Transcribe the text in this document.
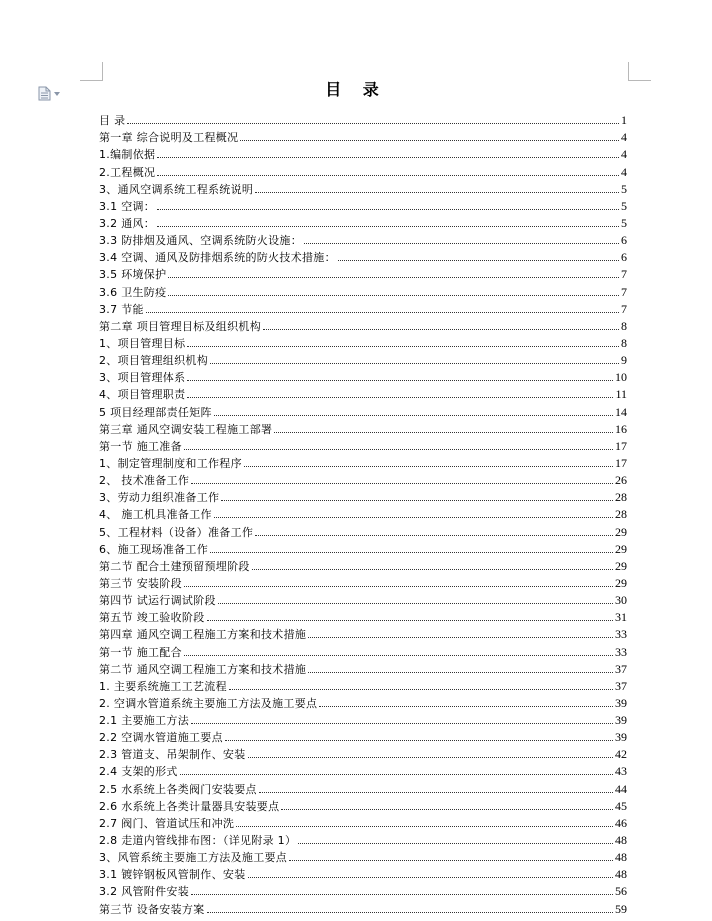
目 录
目 录	1
第一章 综合说明及工程概况	4
1.编制依据	4
2.工程概况	4
3、通风空调系统工程系统说明	5
3.1 空调：	5
3.2 通风：	5
3.3 防排烟及通风、空调系统防火设施：	6
3.4 空调、通风及防排烟系统的防火技术措施：	6
3.5 环境保护	7
3.6 卫生防疫	7
3.7 节能	7
第二章 项目管理目标及组织机构	8
1、项目管理目标	8
2、项目管理组织机构	9
3、项目管理体系	10
4、项目管理职责	11
5 项目经理部责任矩阵	14
第三章 通风空调安装工程施工部署	16
第一节 施工准备	17
1、制定管理制度和工作程序	17
2、 技术准备工作	26
3、劳动力组织准备工作	28
4、 施工机具准备工作	28
5、工程材料（设备）准备工作	29
6、施工现场准备工作	29
第二节 配合土建预留预埋阶段	29
第三节 安装阶段	29
第四节 试运行调试阶段	30
第五节 竣工验收阶段	31
第四章 通风空调工程施工方案和技术措施	33
第一节 施工配合	33
第二节 通风空调工程施工方案和技术措施	37
1. 主要系统施工工艺流程	37
2. 空调水管道系统主要施工方法及施工要点	39
2.1 主要施工方法	39
2.2 空调水管道施工要点	39
2.3 管道支、吊架制作、安装	42
2.4 支架的形式	43
2.5 水系统上各类阀门安装要点	44
2.6 水系统上各类计量器具安装要点	45
2.7 阀门、管道试压和冲洗	46
2.8 走道内管线排布图：（详见附录 1）	48
3、风管系统主要施工方法及施工要点	48
3.1 镀锌钢板风管制作、安装	48
3.2 风管附件安装	56
第三节 设备安装方案	59
